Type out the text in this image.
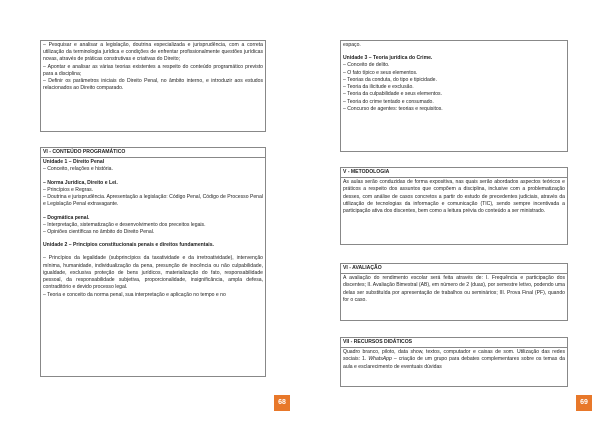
– Pesquisar e analisar a legislação, doutrina especializada e jurisprudência, com a correta utilização da terminologia jurídica e condições de enfrentar profissionalmente questões jurídicas novas, através de práticas construtivas e criativas do Direito;

– Apontar e analisar as várias teorias existentes a respeito do conteúdo programático previsto para a disciplina;

– Definir os parâmetros iniciais do Direito Penal, no âmbito interno, e introduzir aos estudos relacionados ao Direito comparado.

VI - CONTEÚDO PROGRAMÁTICO

Unidade 1 – Direito Penal

– Conceito, relações e história.

– Norma Jurídica, Direito e Lei.

– Princípios e Regras.

– Doutrina e jurisprudência. Apresentação a legislação: Código Penal, Código de Processo Penal e Legislação Penal extravagante.

– Dogmática penal.

– Interpretação, sistematização e desenvolvimento dos preceitos legais.

– Opiniões científicas no âmbito do Direito Penal.

Unidade 2 – Princípios constitucionais penais e direitos fundamentais.

– Princípios da legalidade (subprincípios da taxatividade e da irretroatividade), intervenção mínima, humanidade, individualização da pena, presunção de inocência ou não culpabilidade, igualdade, exclusiva proteção de bens jurídicos, materialização do fato, responsabilidade pessoal, da responsabilidade subjetiva, proporcionalidade, insignificância, ampla defesa, contraditório e devido processo legal.

– Teoria e conceito da norma penal, sua interpretação e aplicação no tempo e no

68

espaço.

Unidade 3 – Teoria jurídica do Crime.

– Conceito de delito.

– O fato típico e seus elementos.

– Teorias da conduta, do tipo e tipicidade.

– Teoria da ilicitude e exclusão.

– Teoria da culpabilidade e seus elementos.

– Teoria do crime tentado e consumado.

– Concurso de agentes: teorias e requisitos.

V - METODOLOGIA
As aulas serão conduzidas de forma expositiva, nas quais serão abordados aspectos teóricos e práticos a respeito dos assuntos que compõem a disciplina, inclusive com a problematização desses, com análise de casos concretos a partir do estudo de precedentes judiciais, através da utilização de tecnologias da informação e comunicação (TIC), sendo sempre incentivada a participação ativa dos discentes, bem como a leitura prévia do conteúdo a ser ministrado.
VI - AVALIAÇÃO
A avaliação do rendimento escolar será feita através de: I. Frequência e participação dos discentes; II. Avaliação Bimestral (AB), em número de 2 (duas), por semestre letivo, podendo uma delas ser substituída por apresentação de trabalhos ou seminários; III. Prova Final (PF), quando for o caso.
VII - RECURSOS DIDÁTICOS
Quadro branco, piloto, data show, textos, computador e caixas de som. Utilização das redes sociais: 1. WhatsApp – criação de um grupo para debates complementares sobre os temas da aula e esclarecimento de eventuais dúvidas
69
